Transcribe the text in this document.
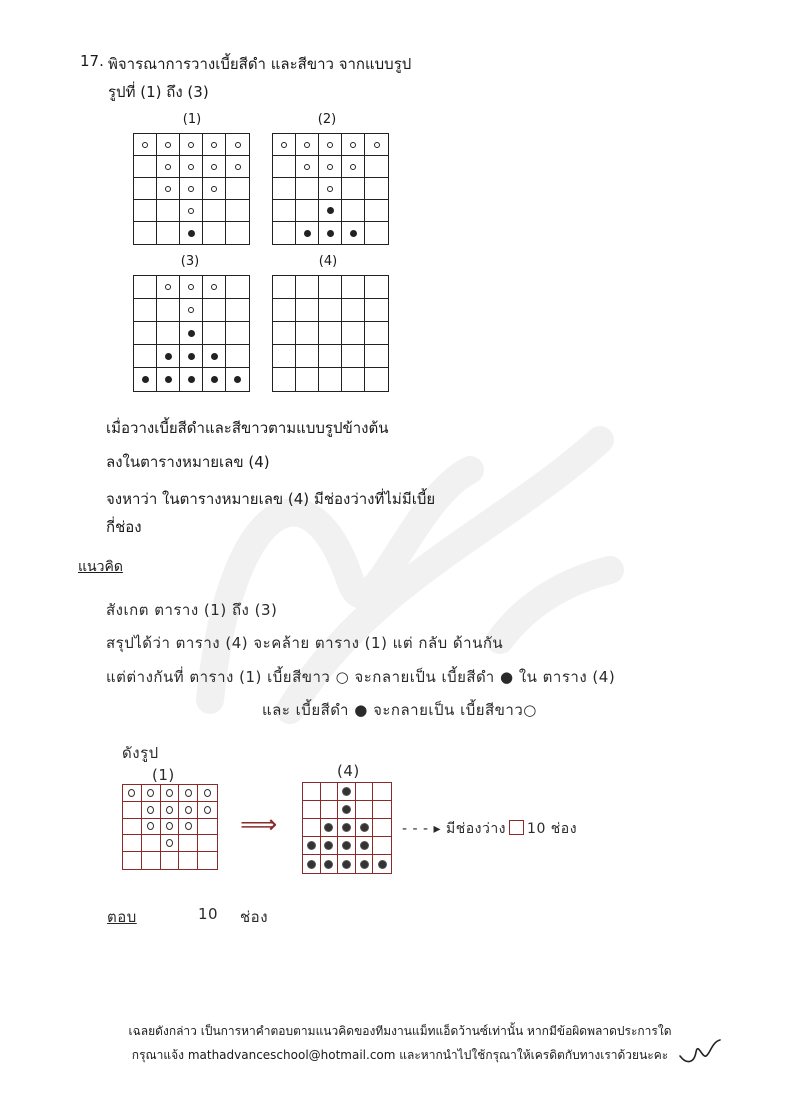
17. พิจารณาการวางเบี้ยสีดำ และสีขาว จากแบบรูป
รูปที่ (1) ถึง (3)
(1)	(2)
(3)	(4)
เมื่อวางเบี้ยสีดำและสีขาวตามแบบรูปข้างต้น
ลงในตารางหมายเลข (4)
จงหาว่า ในตารางหมายเลข (4) มีช่องว่างที่ไม่มีเบี้ย
กี่ช่อง
แนวคิด
สังเกต ตาราง (1) ถึง (3)
สรุปได้ว่า ตาราง (4) จะคล้าย ตาราง (1) แต่ กลับ ด้านกัน
แต่ต่างกันที่ ตาราง (1) เบี้ยสีขาว ○ จะกลายเป็น เบี้ยสีดำ ● ใน ตาราง (4)
และ เบี้ยสีดำ ● จะกลายเป็น เบี้ยสีขาว○
ดังรูป
(1)	(4)
⟹	- - - ▸ มีช่องว่าง 10 ช่อง
ตอบ	10 ช่อง
เฉลยดังกล่าว เป็นการหาคำตอบตามแนวคิดของทีมงานแม็ทแอ็ดว้านซ์เท่านั้น หากมีข้อผิดพลาดประการใด
กรุณาแจ้ง mathadvanceschool@hotmail.com และหากนำไปใช้กรุณาให้เครดิตกับทางเราด้วยนะคะ
